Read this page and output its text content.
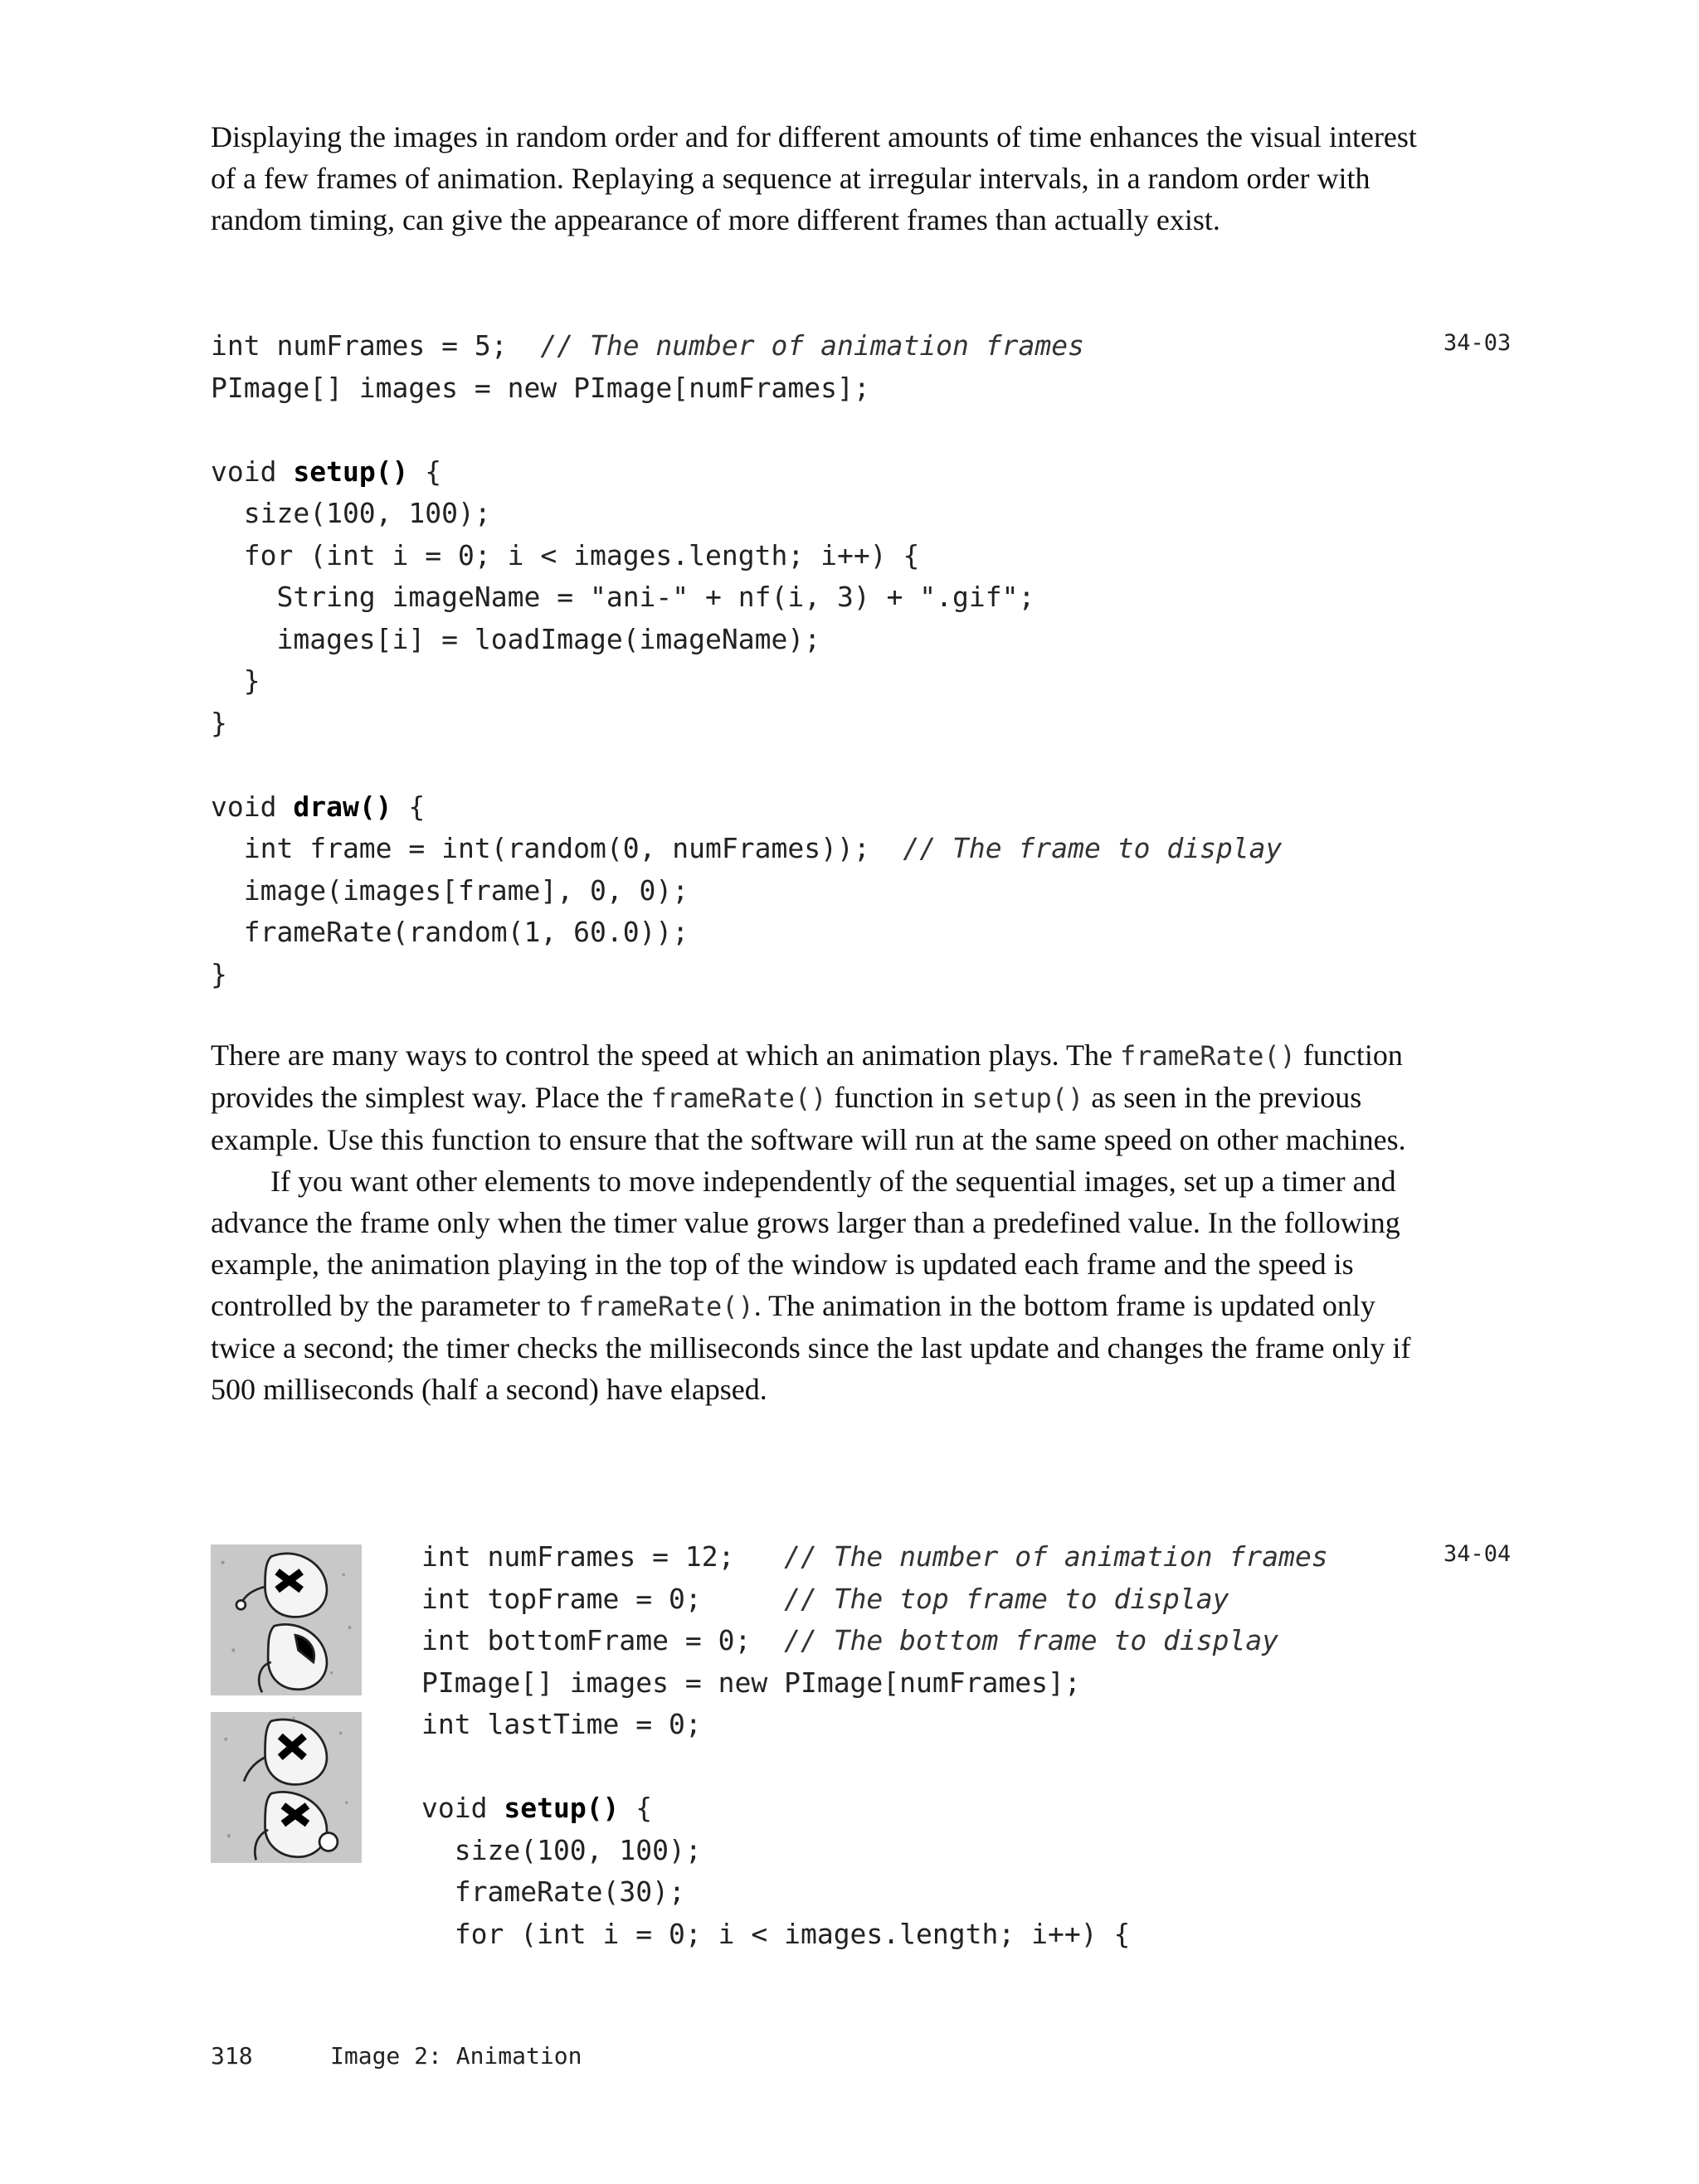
Displaying the images in random order and for different amounts of time enhances the visual interest of a few frames of animation. Replaying a sequence at irregular intervals, in a random order with random timing, can give the appearance of more different frames than actually exist.

34-03
int numFrames = 5;  // The number of animation frames
PImage[] images = new PImage[numFrames];
void setup() {
size(100, 100);
for (int i = 0; i < images.length; i++) {
String imageName = "ani-" + nf(i, 3) + ".gif";
images[i] = loadImage(imageName);
}
}
void draw() {
int frame = int(random(0, numFrames));  // The frame to display
image(images[frame], 0, 0);
frameRate(random(1, 60.0));
}

There are many ways to control the speed at which an animation plays. The frameRate() function provides the simplest way. Place the frameRate() function in setup() as seen in the previous example. Use this function to ensure that the software will run at the same speed on other machines.

If you want other elements to move independently of the sequential images, set up a timer and advance the frame only when the timer value grows larger than a predefined value. In the following example, the animation playing in the top of the window is updated each frame and the speed is controlled by the parameter to frameRate(). The animation in the bottom frame is updated only twice a second; the timer checks the milliseconds since the last update and changes the frame only if 500 milliseconds (half a second) have elapsed.

34-04
int numFrames = 12;   // The number of animation frames
int topFrame = 0;     // The top frame to display
int bottomFrame = 0;  // The bottom frame to display
PImage[] images = new PImage[numFrames];
int lastTime = 0;
void setup() {
size(100, 100);
frameRate(30);
for (int i = 0; i < images.length; i++) {
318	Image 2: Animation
